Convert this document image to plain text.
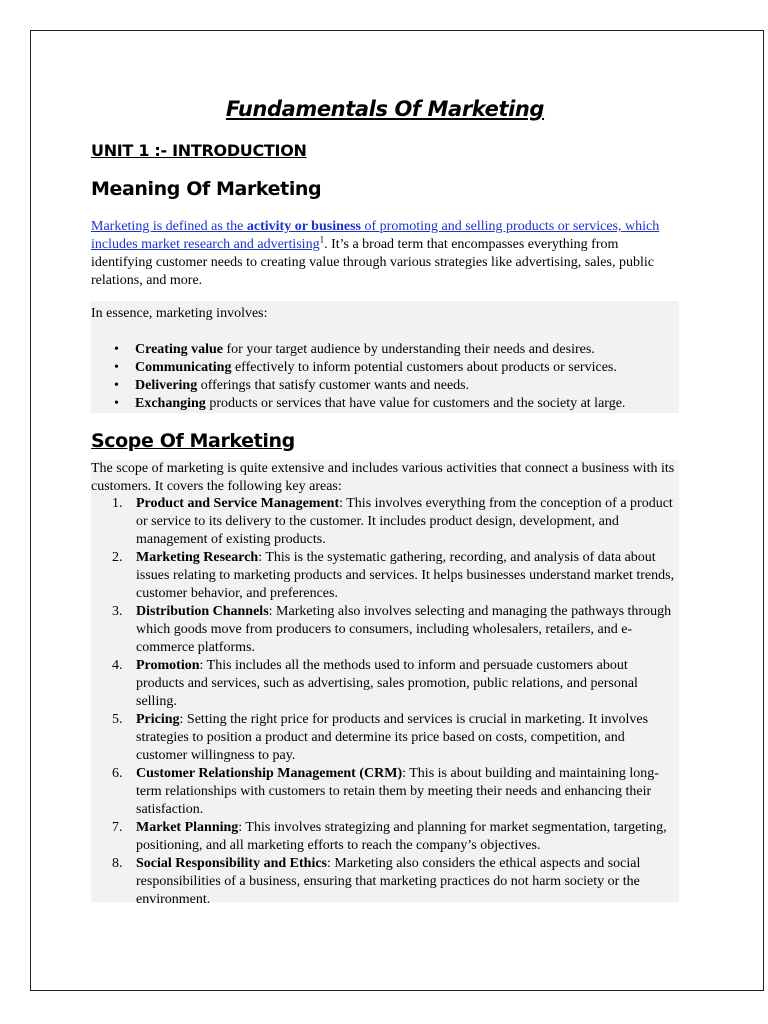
Fundamentals Of Marketing
UNIT 1 :- INTRODUCTION
Meaning Of Marketing

Marketing is defined as the activity or business of promoting and selling products or services, which includes market research and advertising$^1$. It’s a broad term that encompasses everything from identifying customer needs to creating value through various strategies like advertising, sales, public relations, and more.

In essence, marketing involves:

• Creating value for your target audience by understanding their needs and desires.
• Communicating effectively to inform potential customers about products or services.
• Delivering offerings that satisfy customer wants and needs.
• Exchanging products or services that have value for customers and the society at large.
Scope Of Marketing

The scope of marketing is quite extensive and includes various activities that connect a business with its customers. It covers the following key areas:

1. Product and Service Management: This involves everything from the conception of a product or service to its delivery to the customer. It includes product design, development, and management of existing products.
2. Marketing Research: This is the systematic gathering, recording, and analysis of data about issues relating to marketing products and services. It helps businesses understand market trends, customer behavior, and preferences.
3. Distribution Channels: Marketing also involves selecting and managing the pathways through which goods move from producers to consumers, including wholesalers, retailers, and e-commerce platforms.
4. Promotion: This includes all the methods used to inform and persuade customers about products and services, such as advertising, sales promotion, public relations, and personal selling.
5. Pricing: Setting the right price for products and services is crucial in marketing. It involves strategies to position a product and determine its price based on costs, competition, and customer willingness to pay.
6. Customer Relationship Management (CRM): This is about building and maintaining long-term relationships with customers to retain them by meeting their needs and enhancing their satisfaction.
7. Market Planning: This involves strategizing and planning for market segmentation, targeting, positioning, and all marketing efforts to reach the company’s objectives.
8. Social Responsibility and Ethics: Marketing also considers the ethical aspects and social responsibilities of a business, ensuring that marketing practices do not harm society or the environment.
